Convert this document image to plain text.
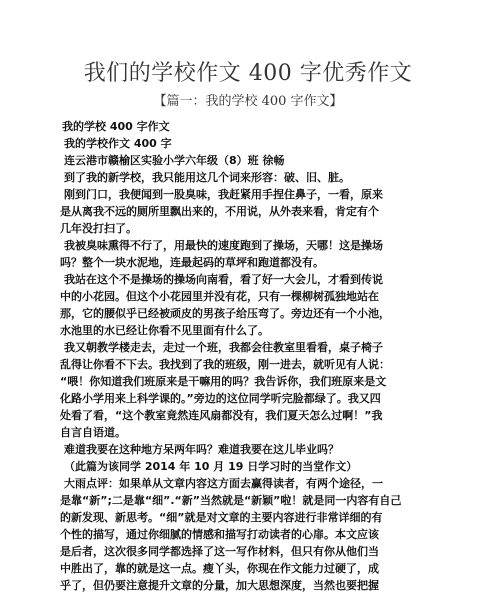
我们的学校作文 400 字优秀作文
【篇一：我的学校 400 字作文】
我的学校 400 字作文
我的学校作文 400 字
连云港市赣榆区实验小学六年级（8）班 徐畅
到了我的新学校，我只能用这几个词来形容：破、旧、脏。
刚到门口，我便闻到一股臭味，我赶紧用手捏住鼻子，一看，原来
是从离我不远的厕所里飘出来的，不用说，从外表来看，肯定有个
几年没打扫了。
我被臭味熏得不行了，用最快的速度跑到了操场，天哪！这是操场
吗？整个一块水泥地，连最起码的草坪和跑道都没有。
我站在这个不是操场的操场向南看，看了好一大会儿，才看到传说
中的小花园。但这个小花园里并没有花，只有一棵柳树孤独地站在
那，它的腰似乎已经被顽皮的男孩子给压弯了。旁边还有一个小池，
水池里的水已经让你看不见里面有什么了。
我又朝教学楼走去，走过一个班，我都会往教室里看看，桌子椅子
乱得让你看不下去。我找到了我的班级，刚一进去，就听见有人说：
“喂！你知道我们班原来是干嘛用的吗？我告诉你，我们班原来是文
化路小学用来上科学课的。”旁边的这位同学听完脸都绿了。我又四
处看了看，“这个教室竟然连风扇都没有，我们夏天怎么过啊！”我
自言自语道。
难道我要在这种地方呆两年吗？难道我要在这儿毕业吗？
（此篇为该同学 2014 年 10 月 19 日学习时的当堂作文）
大雨点评：如果单从文章内容这方面去赢得读者，有两个途径，一
是靠“新”;二是靠“细”.“新”当然就是“新颖”啦！就是同一内容有自己
的新发现、新思考。“细”就是对文章的主要内容进行非常详细的有
个性的描写，通过你细腻的情感和描写打动读者的心扉。本文应该
是后者，这次很多同学都选择了这一写作材料，但只有你从他们当
中胜出了，靠的就是这一点。瘦丫头，你现在作文能力过硬了，成
乎了，但仍要注意提升文章的分量，加大思想深度，当然也要把握
